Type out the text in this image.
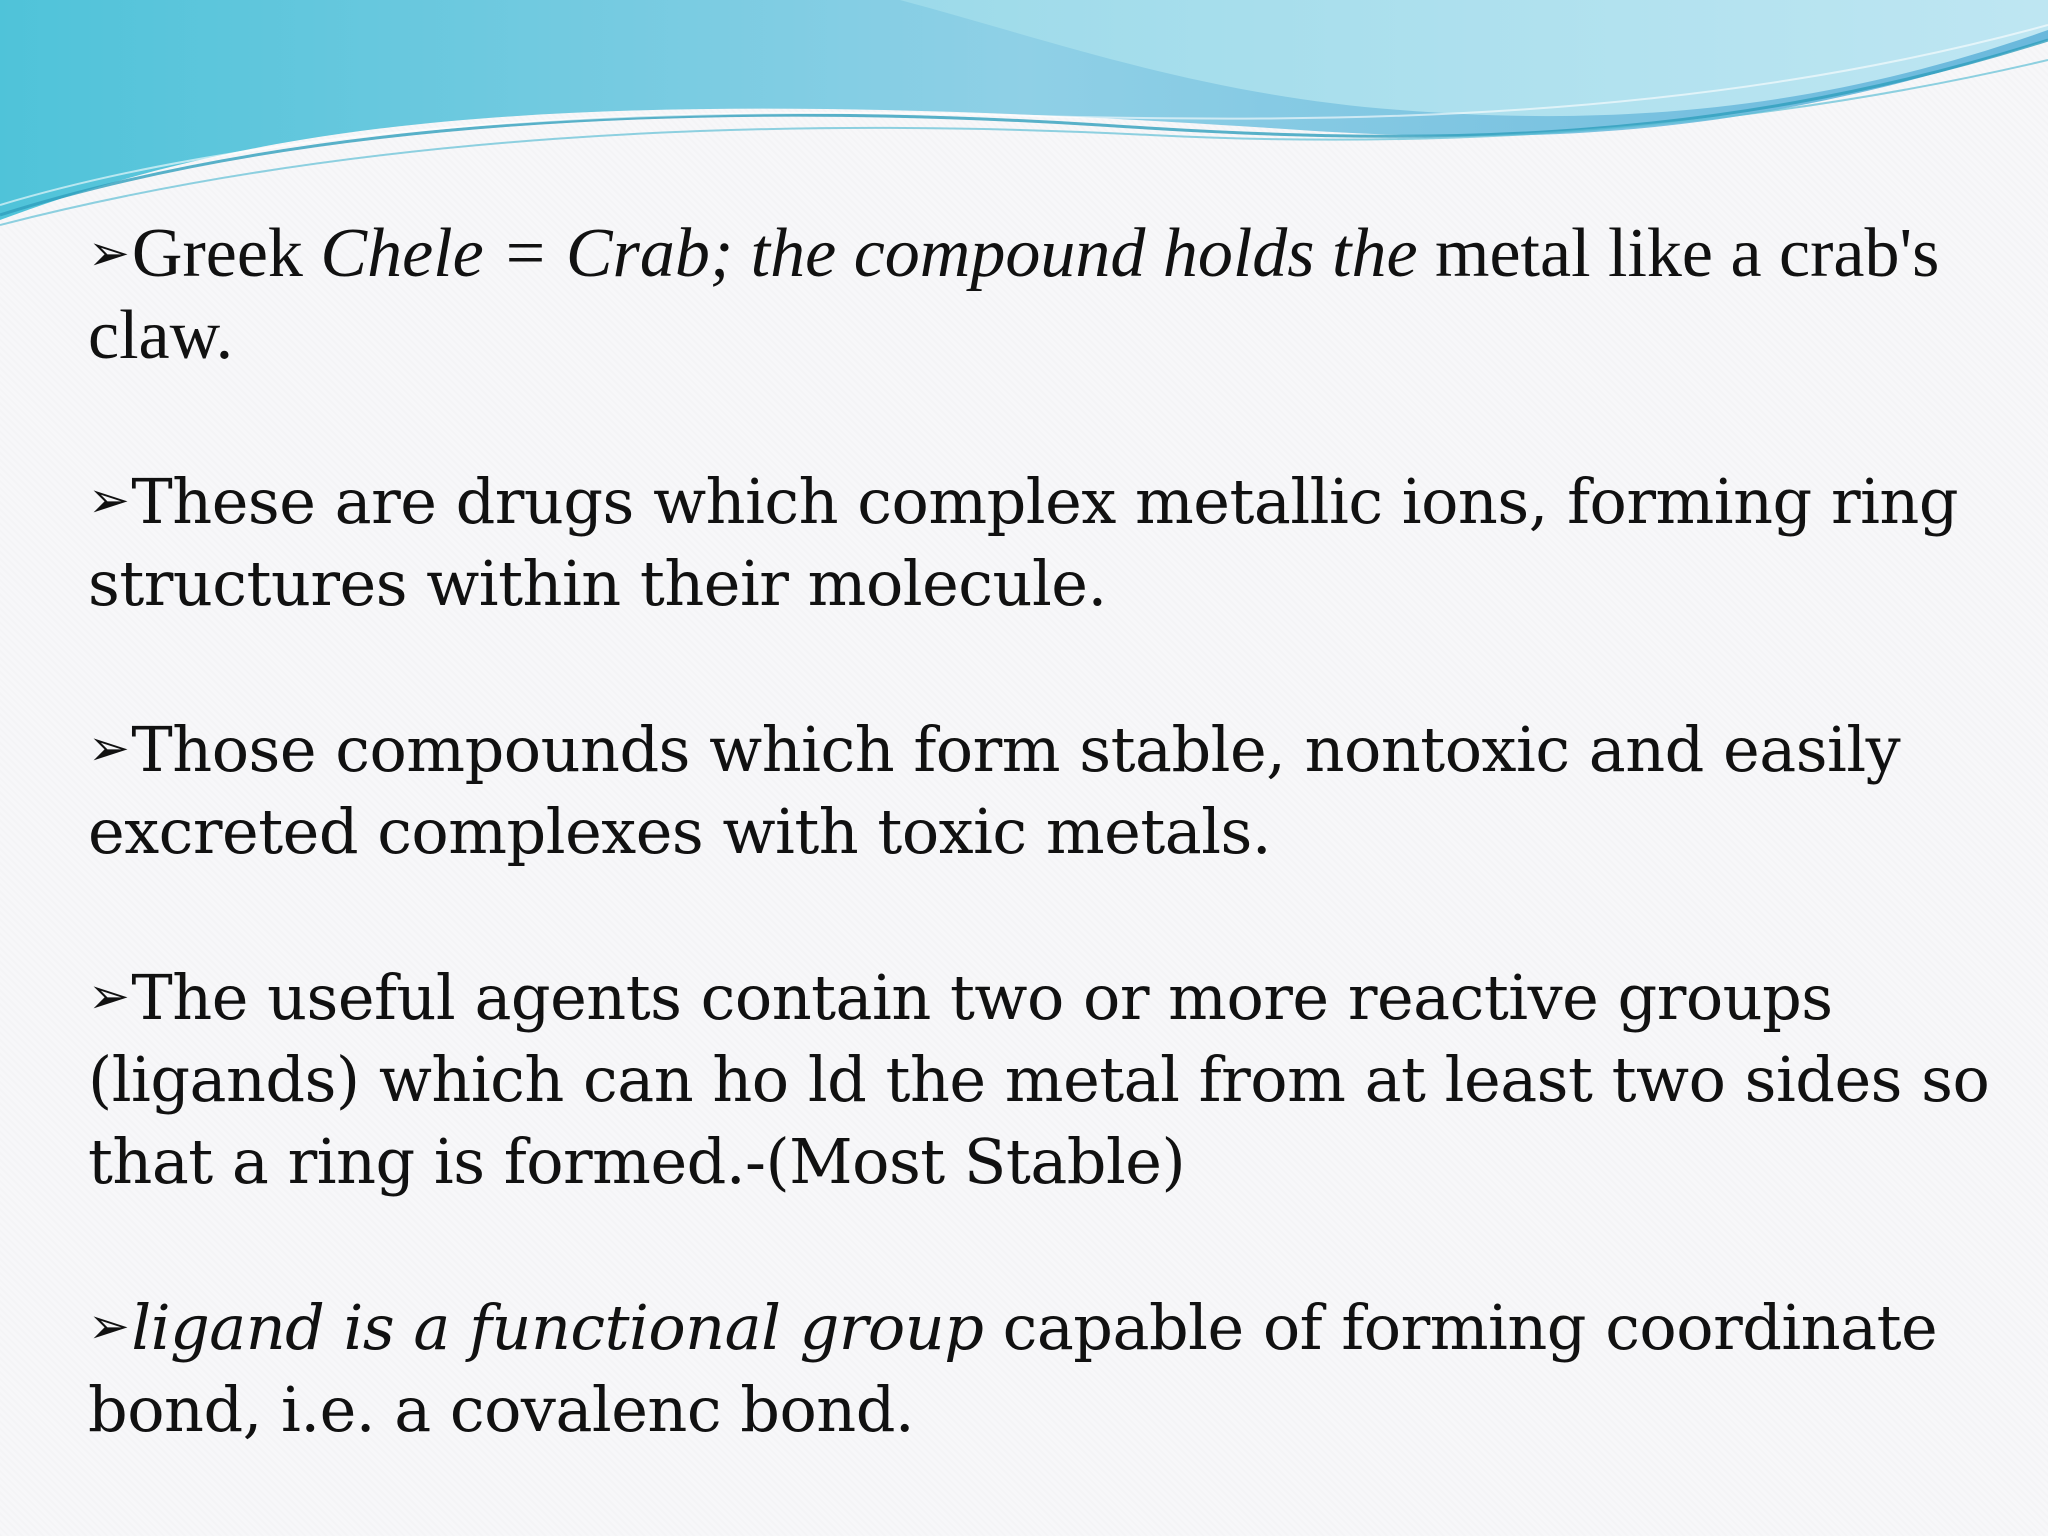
➢Greek Chele = Crab; the compound holds the metal like a crab's claw.

➢These are drugs which complex metallic ions, forming ring structures within their molecule.

➢Those compounds which form stable, nontoxic and easily excreted complexes with toxic metals.

➢The useful agents contain two or more reactive groups (ligands) which can ho ld the metal from at least two sides so that a ring is formed.-(Most Stable)

➢ligand is a functional group capable of forming coordinate bond, i.e. a covalenc bond.
